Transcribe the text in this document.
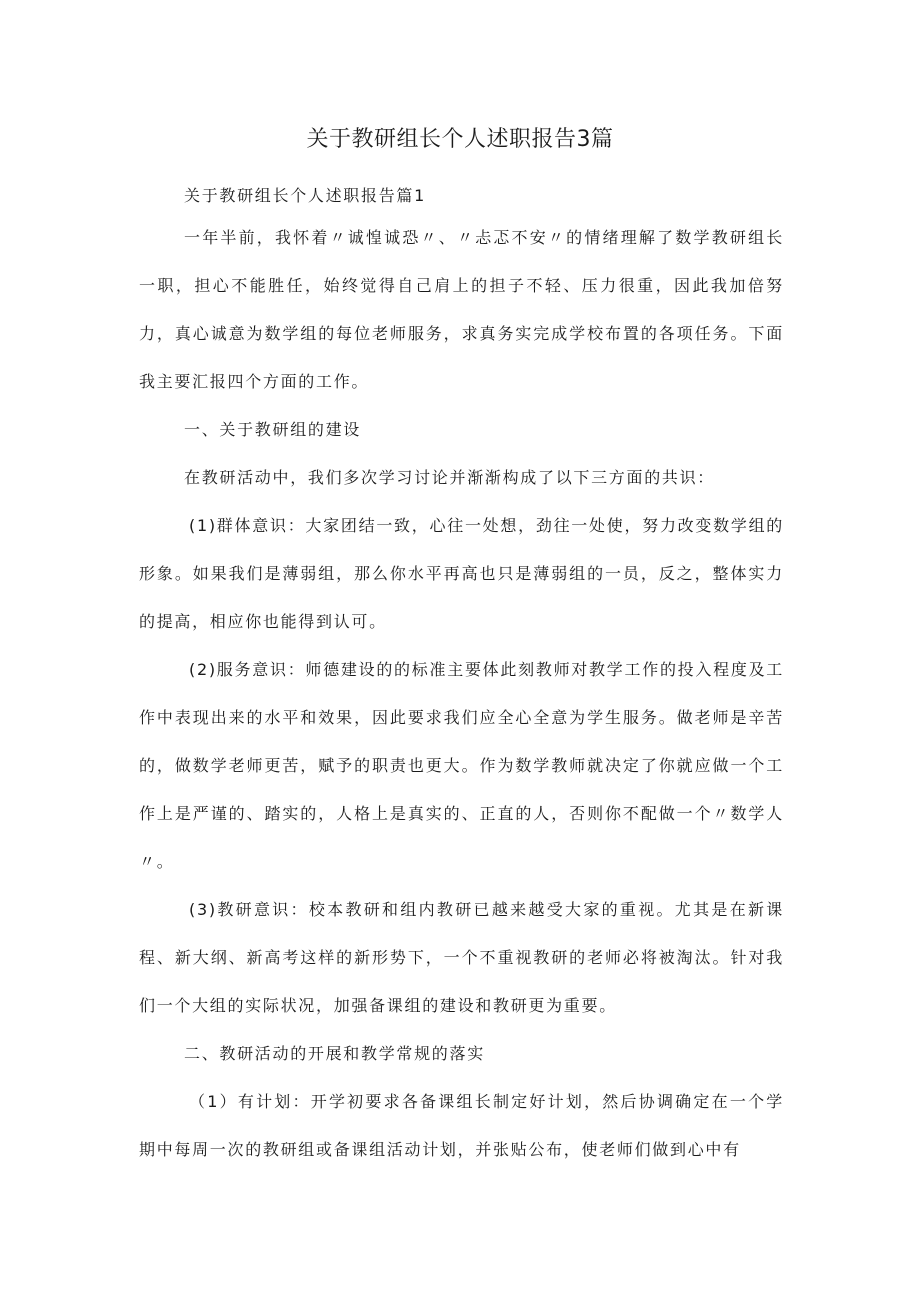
关于教研组长个人述职报告3篇

关于教研组长个人述职报告篇1

一年半前，我怀着〃诚惶诚恐〃、〃忐忑不安〃的情绪理解了数学教研组长一职，担心不能胜任，始终觉得自己肩上的担子不轻、压力很重，因此我加倍努力，真心诚意为数学组的每位老师服务，求真务实完成学校布置的各项任务。下面我主要汇报四个方面的工作。

一、关于教研组的建设

在教研活动中，我们多次学习讨论并渐渐构成了以下三方面的共识：

(1)群体意识：大家团结一致，心往一处想，劲往一处使，努力改变数学组的形象。如果我们是薄弱组，那么你水平再高也只是薄弱组的一员，反之，整体实力的提高，相应你也能得到认可。

(2)服务意识：师德建设的的标准主要体此刻教师对教学工作的投入程度及工作中表现出来的水平和效果，因此要求我们应全心全意为学生服务。做老师是辛苦的，做数学老师更苦，赋予的职责也更大。作为数学教师就决定了你就应做一个工作上是严谨的、踏实的，人格上是真实的、正直的人，否则你不配做一个〃数学人〃。

(3)教研意识：校本教研和组内教研已越来越受大家的重视。尤其是在新课程、新大纲、新高考这样的新形势下，一个不重视教研的老师必将被淘汰。针对我们一个大组的实际状况，加强备课组的建设和教研更为重要。

二、教研活动的开展和教学常规的落实

（1）有计划：开学初要求各备课组长制定好计划，然后协调确定在一个学期中每周一次的教研组或备课组活动计划，并张贴公布，使老师们做到心中有
